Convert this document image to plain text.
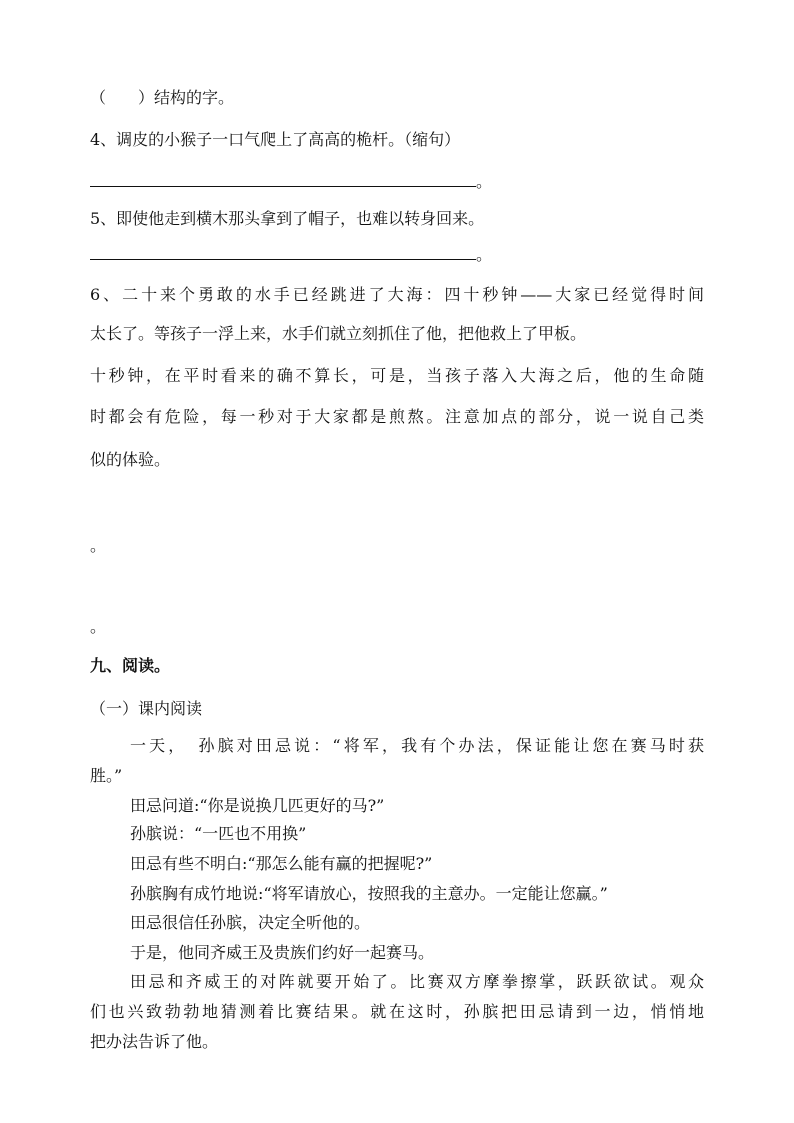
（　　）结构的字。
4、调皮的小猴子一口气爬上了高高的桅杆。（缩句）
。
5、即使他走到横木那头拿到了帽子，也难以转身回来。
。
6、二十来个勇敢的水手已经跳进了大海：四十秒钟——大家已经觉得时间
太长了。等孩子一浮上来，水手们就立刻抓住了他，把他救上了甲板。
十秒钟，在平时看来的确不算长，可是，当孩子落入大海之后，他的生命随
时都会有危险，每一秒对于大家都是煎熬。注意加点的部分，说一说自己类
似的体验。
。
。
九、阅读。
（一）课内阅读
一天，　孙膑对田忌说：“将军，我有个办法，保证能让您在赛马时获
胜。”
田忌问道:“你是说换几匹更好的马?”
孙膑说：“一匹也不用换”
田忌有些不明白:“那怎么能有赢的把握呢?”
孙膑胸有成竹地说:“将军请放心，按照我的主意办。一定能让您赢。”
田忌很信任孙膑，决定全听他的。
于是，他同齐威王及贵族们约好一起赛马。
田忌和齐威王的对阵就要开始了。比赛双方摩拳擦掌，跃跃欲试。观众
们也兴致勃勃地猜测着比赛结果。就在这时，孙膑把田忌请到一边，悄悄地
把办法告诉了他。
